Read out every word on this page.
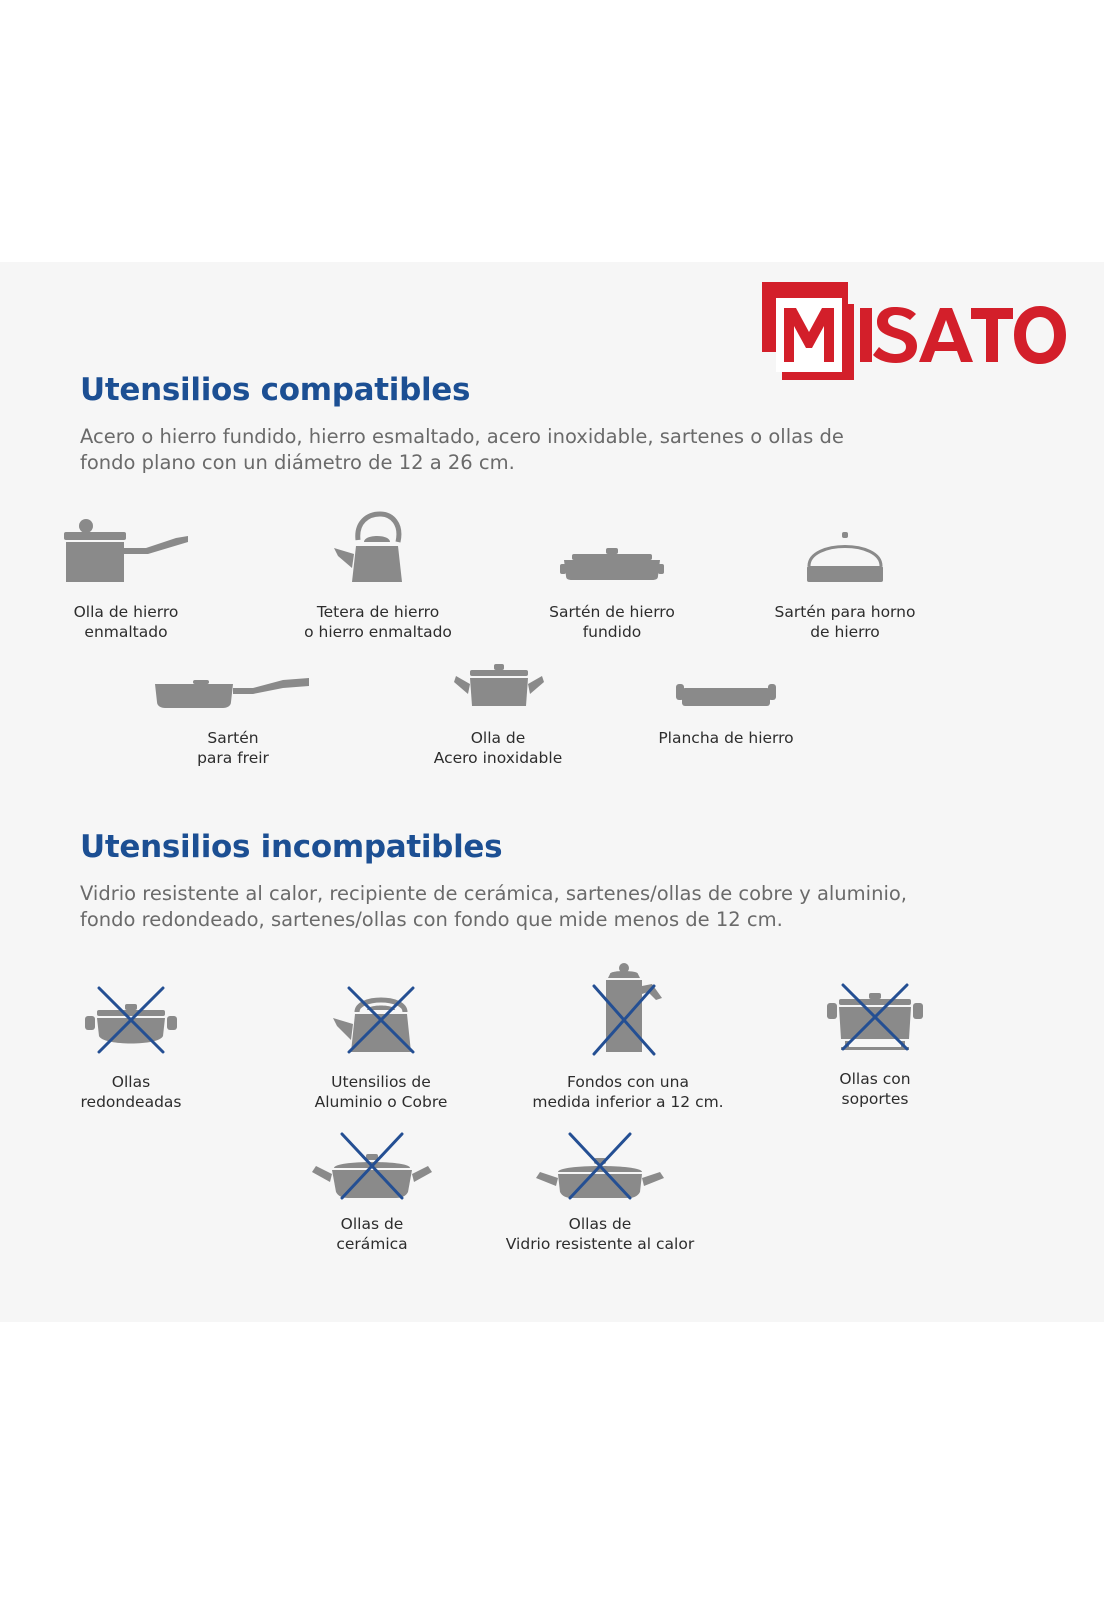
Utensilios compatibles
Acero o hierro fundido, hierro esmaltado, acero inoxidable, sartenes o ollas de
fondo plano con un diámetro de 12 a 26 cm.
Olla de hierro
enmaltado
Tetera de hierro
o hierro enmaltado
Sartén de hierro
fundido
Sartén para horno
de hierro
Sartén
para freir
Olla de
Acero inoxidable
Plancha de hierro
Utensilios incompatibles
Vidrio resistente al calor, recipiente de cerámica, sartenes/ollas de cobre y aluminio,
fondo redondeado, sartenes/ollas con fondo que mide menos de 12 cm.
Ollas
redondeadas
Utensilios de
Aluminio o Cobre
Fondos con una
medida inferior a 12 cm.
Ollas con
soportes
Ollas de
cerámica
Ollas de
Vidrio resistente al calor
